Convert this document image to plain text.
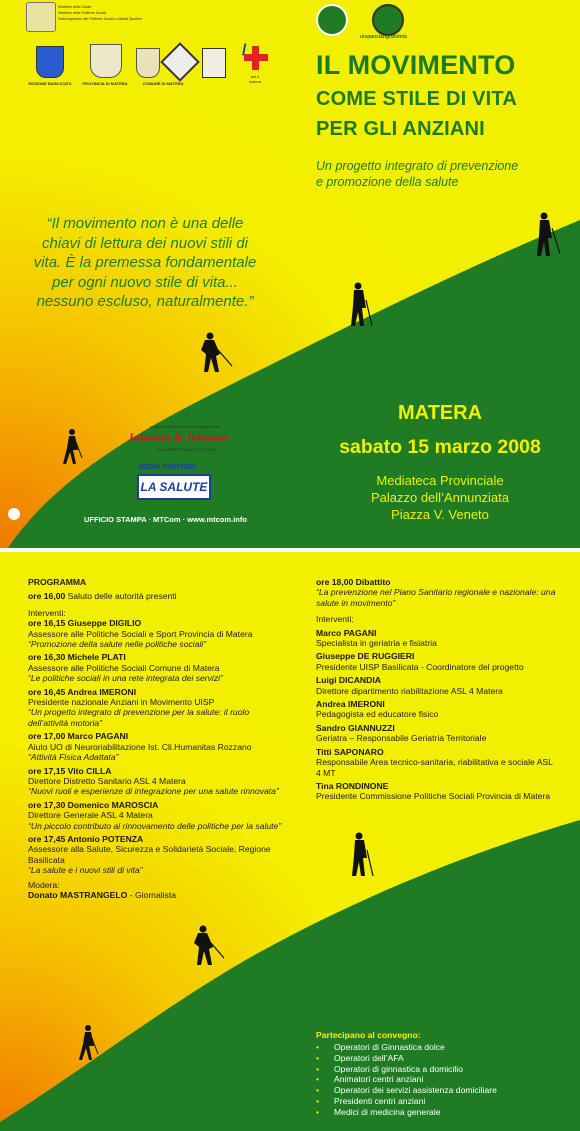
Ministero della Salute
Ministero delle Politiche Sociali
Sottosegretario alle Politiche Sociali e Attività Sportive
REGIONE BASILICATA	PROVINCIA DI MATERA	COMUNE DI MATERA
/
asl 4
matera
uispanziangrandetà
IL MOVIMENTO
COME STILE DI VITA
PER GLI ANZIANI
Un progetto integrato di prevenzione
e promozione della salute
“Il movimento non è una delle
chiavi di lettura dei nuovi stili di
vita. È la premessa fondamentale
per ogni nuovo stile di vita...
nessuno escluso, naturalmente.”
progetto realizzato con il sostegno della
Johnson & Johnson
SOCIAL RESPONSIBILITY IN ACTION
MEDIA PARTNER
LA SALUTE
UFFICIO STAMPA · MTCom · www.mtcom.info
MATERA
sabato 15 marzo 2008
Mediateca Provinciale
Palazzo dell’Annunziata
Piazza V. Veneto
PROGRAMMA
ore 16,00 Saluto delle autorità presenti
Interventi:
ore 16,15 Giuseppe DIGILIO
Assessore alle Politiche Sociali e Sport Provincia di Matera
“Promozione della salute nelle politiche sociali”
ore 16,30 Michele PLATI
Assessore alle Politiche Sociali Comune di Matera
“Le politiche sociali in una rete integrata dei servizi”
ore 16,45 Andrea IMERONI
Presidente nazionale Anziani in Movimento UISP
“Un progetto integrato di prevenzione per la salute: il ruolo dell’attività motoria”
ore 17,00 Marco PAGANI
Aiuto UO di Neuroriabilitazione Ist. Cli.Humanitas Rozzano
“Attività Fisica Adattata”
ore 17,15 Vito CILLA
Direttore Distretto Sanitario ASL 4 Matera
“Nuovi ruoli e esperienze di integrazione per una salute rinnovata”
ore 17,30 Domenico MAROSCIA
Direttore Generale ASL 4 Matera
“Un piccolo contributo al rinnovamento delle politiche per la salute”
ore 17,45 Antonio POTENZA
Assessore alla Salute, Sicurezza e Solidarietà Sociale, Regione Basilicata
“La salute e i nuovi stili di vita”
Modera:
Donato MASTRANGELO - Giornalista
ore 18,00 Dibattito
“La prevenzione nel Piano Sanitario regionale e nazionale: una salute in movimento”
Interventi:
Marco PAGANI
Specialista in geriatria e fisiatria
Giuseppe DE RUGGIERI
Presidente UISP Basilicata - Coordinatore del progetto
Luigi DICANDIA
Direttore dipartimento riabilitazione ASL 4 Matera
Andrea IMERONI
Pedagogista ed educatore fisico
Sandro GIANNUZZI
Geriatra – Responsabile Geriatria Territoriale
Titti SAPONARO
Responsabile Area tecnico-sanitaria, riabilitativa e sociale ASL 4 MT
Tina RONDINONE
Presidente Commissione Politiche Sociali Provincia di Matera
Partecipano al convegno:
• Operatori di Ginnastica dolce
• Operatori dell’AFA
• Operatori di ginnastica a domicilio
• Animatori centri anziani
• Operatori dei servizi assistenza domiciliare
• Presidenti centri anziani
• Medici di medicina generale
